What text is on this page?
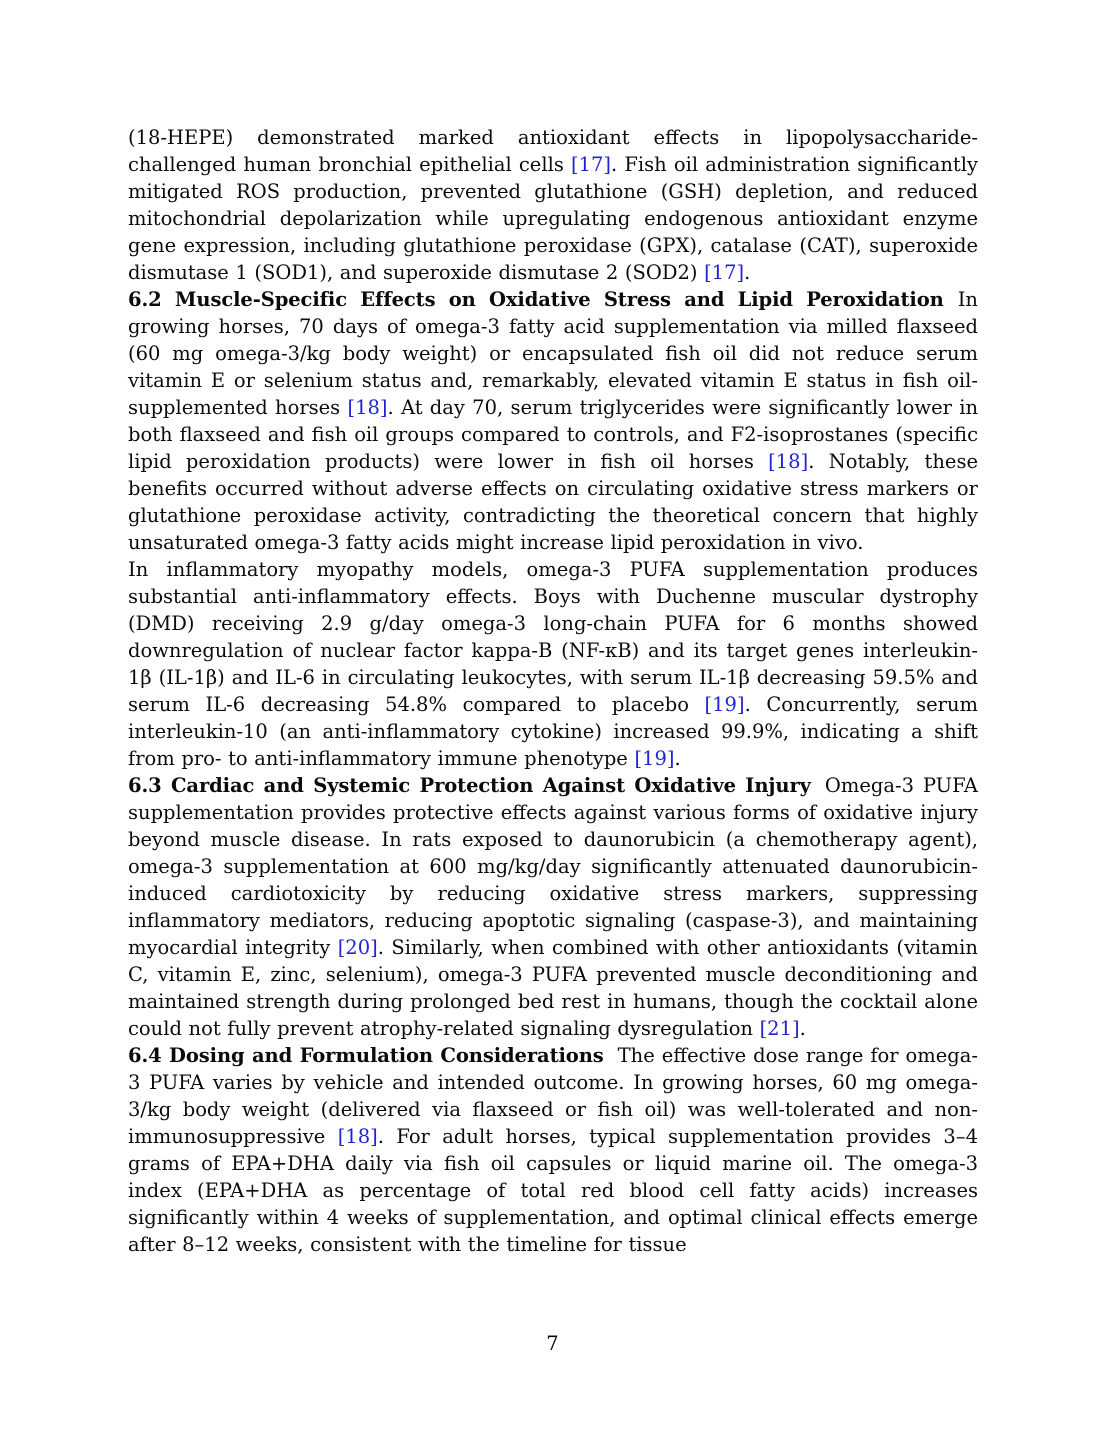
(18-HEPE) demonstrated marked antioxidant effects in lipopolysaccharide-challenged human bronchial epithelial cells [17]. Fish oil administration significantly mitigated ROS production, prevented glutathione (GSH) depletion, and reduced mitochondrial depolarization while upregulating endogenous antioxidant enzyme gene expression, including glutathione peroxidase (GPX), catalase (CAT), superoxide dismutase 1 (SOD1), and superoxide dismutase 2 (SOD2) [17].

6.2 Muscle-Specific Effects on Oxidative Stress and Lipid Peroxidation In growing horses, 70 days of omega-3 fatty acid supplementation via milled flaxseed (60 mg omega-3/kg body weight) or encapsulated fish oil did not reduce serum vitamin E or selenium status and, remarkably, elevated vitamin E status in fish oil-supplemented horses [18]. At day 70, serum triglycerides were significantly lower in both flaxseed and fish oil groups compared to controls, and F2-isoprostanes (specific lipid peroxidation products) were lower in fish oil horses [18]. Notably, these benefits occurred without adverse effects on circulating oxidative stress markers or glutathione peroxidase activity, contradicting the theoretical concern that highly unsaturated omega-3 fatty acids might increase lipid peroxidation in vivo.

In inflammatory myopathy models, omega-3 PUFA supplementation produces substantial anti-inflammatory effects. Boys with Duchenne muscular dystrophy (DMD) receiving 2.9 g/day omega-3 long-chain PUFA for 6 months showed downregulation of nuclear factor kappa-B (NF-κB) and its target genes interleukin-1β (IL-1β) and IL-6 in circulating leukocytes, with serum IL-1β decreasing 59.5% and serum IL-6 decreasing 54.8% compared to placebo [19]. Concurrently, serum interleukin-10 (an anti-inflammatory cytokine) increased 99.9%, indicating a shift from pro- to anti-inflammatory immune phenotype [19].

6.3 Cardiac and Systemic Protection Against Oxidative Injury Omega-3 PUFA supplementation provides protective effects against various forms of oxidative injury beyond muscle disease. In rats exposed to daunorubicin (a chemotherapy agent), omega-3 supplementation at 600 mg/kg/day significantly attenuated daunorubicin-induced cardiotoxicity by reducing oxidative stress markers, suppressing inflammatory mediators, reducing apoptotic signaling (caspase-3), and maintaining myocardial integrity [20]. Similarly, when combined with other antioxidants (vitamin C, vitamin E, zinc, selenium), omega-3 PUFA prevented muscle deconditioning and maintained strength during prolonged bed rest in humans, though the cocktail alone could not fully prevent atrophy-related signaling dysregulation [21].

6.4 Dosing and Formulation Considerations The effective dose range for omega-3 PUFA varies by vehicle and intended outcome. In growing horses, 60 mg omega-3/kg body weight (delivered via flaxseed or fish oil) was well-tolerated and non-immunosuppressive [18]. For adult horses, typical supplementation provides 3–4 grams of EPA+DHA daily via fish oil capsules or liquid marine oil. The omega-3 index (EPA+DHA as percentage of total red blood cell fatty acids) increases significantly within 4 weeks of supplementation, and optimal clinical effects emerge after 8–12 weeks, consistent with the timeline for tissue

7
